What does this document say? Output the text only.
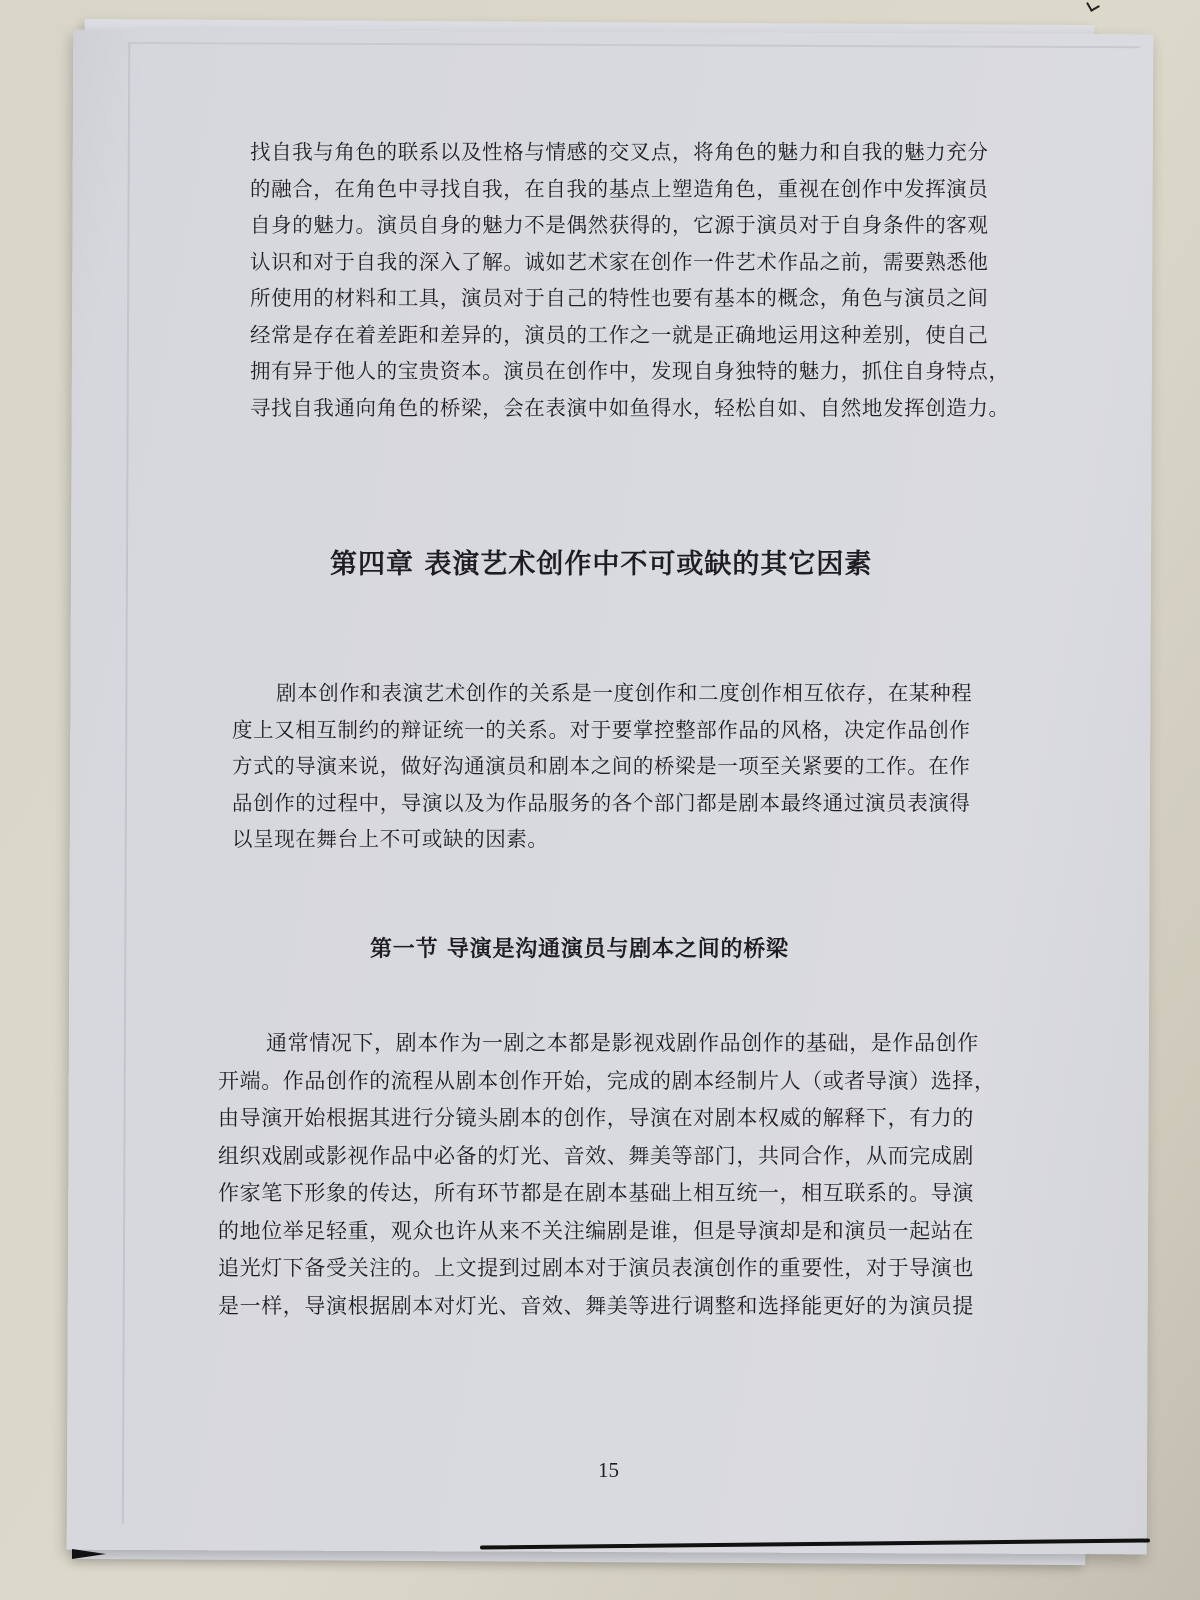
找自我与角色的联系以及性格与情感的交叉点，将角色的魅力和自我的魅力充分
的融合，在角色中寻找自我，在自我的基点上塑造角色，重视在创作中发挥演员
自身的魅力。演员自身的魅力不是偶然获得的，它源于演员对于自身条件的客观
认识和对于自我的深入了解。诚如艺术家在创作一件艺术作品之前，需要熟悉他
所使用的材料和工具，演员对于自己的特性也要有基本的概念，角色与演员之间
经常是存在着差距和差异的，演员的工作之一就是正确地运用这种差别，使自己
拥有异于他人的宝贵资本。演员在创作中，发现自身独特的魅力，抓住自身特点，
寻找自我通向角色的桥梁，会在表演中如鱼得水，轻松自如、自然地发挥创造力。
第四章 表演艺术创作中不可或缺的其它因素
剧本创作和表演艺术创作的关系是一度创作和二度创作相互依存，在某种程
度上又相互制约的辩证统一的关系。对于要掌控整部作品的风格，决定作品创作
方式的导演来说，做好沟通演员和剧本之间的桥梁是一项至关紧要的工作。在作
品创作的过程中，导演以及为作品服务的各个部门都是剧本最终通过演员表演得
以呈现在舞台上不可或缺的因素。
第一节 导演是沟通演员与剧本之间的桥梁
通常情况下，剧本作为一剧之本都是影视戏剧作品创作的基础，是作品创作
开端。作品创作的流程从剧本创作开始，完成的剧本经制片人（或者导演）选择，
由导演开始根据其进行分镜头剧本的创作，导演在对剧本权威的解释下，有力的
组织戏剧或影视作品中必备的灯光、音效、舞美等部门，共同合作，从而完成剧
作家笔下形象的传达，所有环节都是在剧本基础上相互统一，相互联系的。导演
的地位举足轻重，观众也许从来不关注编剧是谁，但是导演却是和演员一起站在
追光灯下备受关注的。上文提到过剧本对于演员表演创作的重要性，对于导演也
是一样，导演根据剧本对灯光、音效、舞美等进行调整和选择能更好的为演员提
15
